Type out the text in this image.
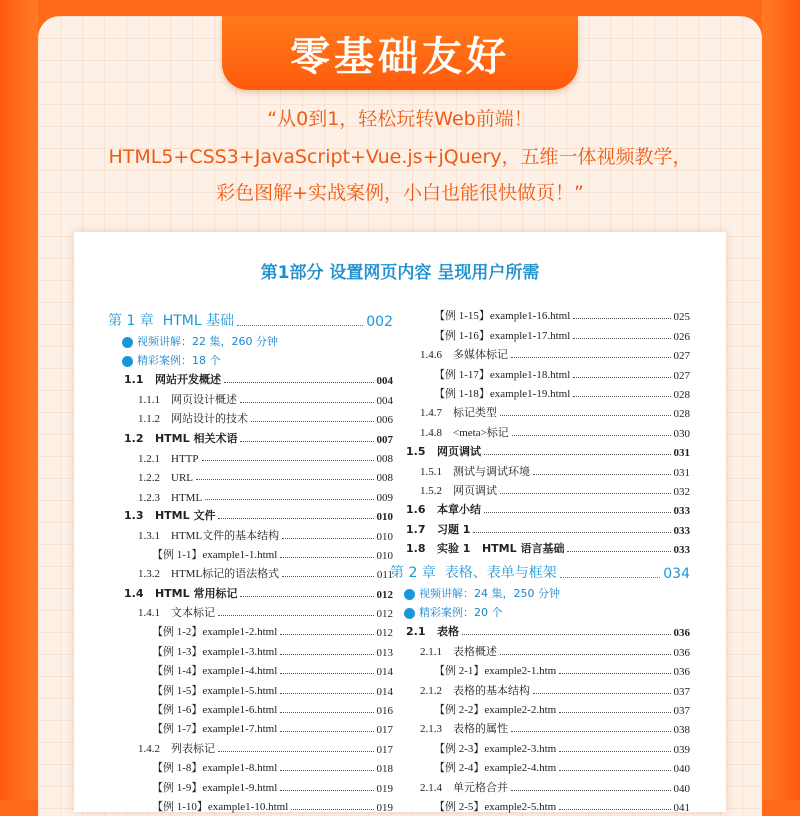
零基础友好
“从0到1，轻松玩转Web前端！
HTML5+CSS3+JavaScript+Vue.js+jQuery，五维一体视频教学，
彩色图解+实战案例，小白也能很快做页！”
第1部分 设置网页内容 呈现用户所需
第 1 章  HTML 基础	002
视频讲解：22 集，260 分钟
精彩案例：18 个
1.1   网站开发概述	004
1.1.1    网页设计概述	004
1.1.2    网站设计的技术	006
1.2   HTML 相关术语	007
1.2.1    HTTP	008
1.2.2    URL	008
1.2.3    HTML	009
1.3   HTML 文件	010
1.3.1    HTML文件的基本结构	010
【例 1-1】example1-1.html	010
1.3.2    HTML标记的语法格式	011
1.4   HTML 常用标记	012
1.4.1    文本标记	012
【例 1-2】example1-2.html	012
【例 1-3】example1-3.html	013
【例 1-4】example1-4.html	014
【例 1-5】example1-5.html	014
【例 1-6】example1-6.html	016
【例 1-7】example1-7.html	017
1.4.2    列表标记	017
【例 1-8】example1-8.html	018
【例 1-9】example1-9.html	019
【例 1-10】example1-10.html	019
【例 1-15】example1-16.html	025
【例 1-16】example1-17.html	026
1.4.6    多媒体标记	027
【例 1-17】example1-18.html	027
【例 1-18】example1-19.html	028
1.4.7    标记类型	028
1.4.8    <meta>标记	030
1.5   网页调试	031
1.5.1    测试与调试环境	031
1.5.2    网页调试	032
1.6   本章小结	033
1.7   习题 1	033
1.8   实验 1   HTML 语言基础	033
第 2 章  表格、表单与框架	034
视频讲解：24 集，250 分钟
精彩案例：20 个
2.1   表格	036
2.1.1    表格概述	036
【例 2-1】example2-1.htm	036
2.1.2    表格的基本结构	037
【例 2-2】example2-2.htm	037
2.1.3    表格的属性	038
【例 2-3】example2-3.htm	039
【例 2-4】example2-4.htm	040
2.1.4    单元格合并	040
【例 2-5】example2-5.htm	041
